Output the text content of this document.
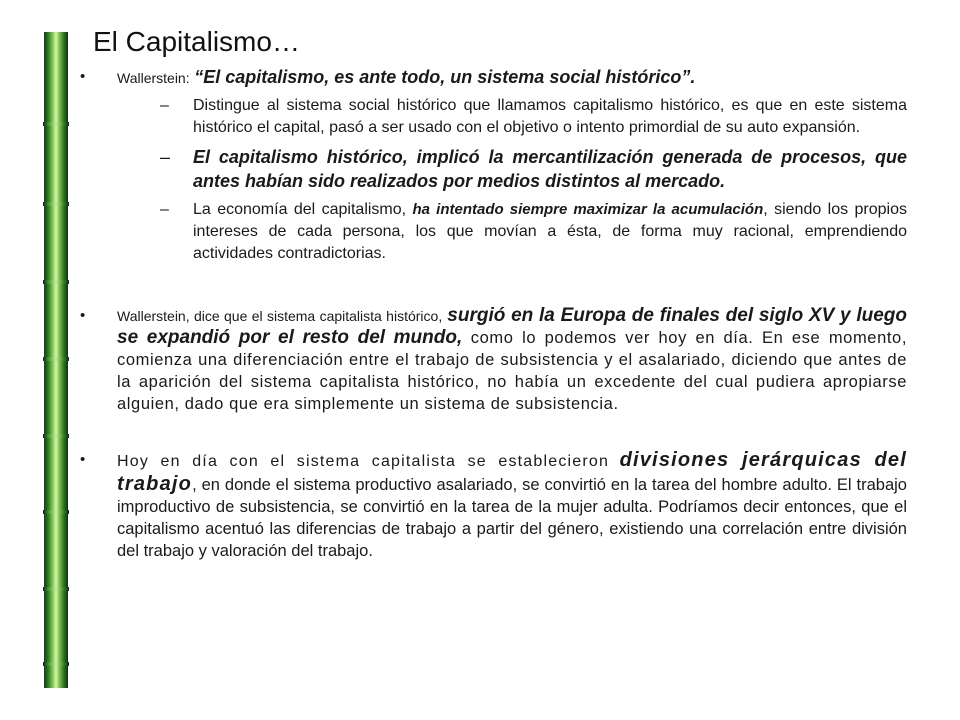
El Capitalismo…
• Wallerstein: “El capitalismo, es ante todo, un sistema social histórico”.
– Distingue al sistema social histórico que llamamos capitalismo histórico, es que en este sistema histórico el capital, pasó a ser usado con el objetivo o intento primordial de su auto expansión.
– El capitalismo histórico, implicó la mercantilización generada de procesos, que antes habían sido realizados por medios distintos al mercado.
– La economía del capitalismo, ha intentado siempre maximizar la acumulación, siendo los propios intereses de cada persona, los que movían a ésta, de forma muy racional, emprendiendo actividades contradictorias.
• Wallerstein, dice que el sistema capitalista histórico, surgió en la Europa de finales del siglo XV y luego se expandió por el resto del mundo, como lo podemos ver hoy en día. En ese momento, comienza una diferenciación entre el trabajo de subsistencia y el asalariado, diciendo que antes de la aparición del sistema capitalista histórico, no había un excedente del cual pudiera apropiarse alguien, dado que era simplemente un sistema de subsistencia.
• Hoy en día con el sistema capitalista se establecieron divisiones jerárquicas del trabajo, en donde el sistema productivo asalariado, se convirtió en la tarea del hombre adulto. El trabajo improductivo de subsistencia, se convirtió en la tarea de la mujer adulta. Podríamos decir entonces, que el capitalismo acentuó las diferencias de trabajo a partir del género, existiendo una correlación entre división del trabajo y valoración del trabajo.
